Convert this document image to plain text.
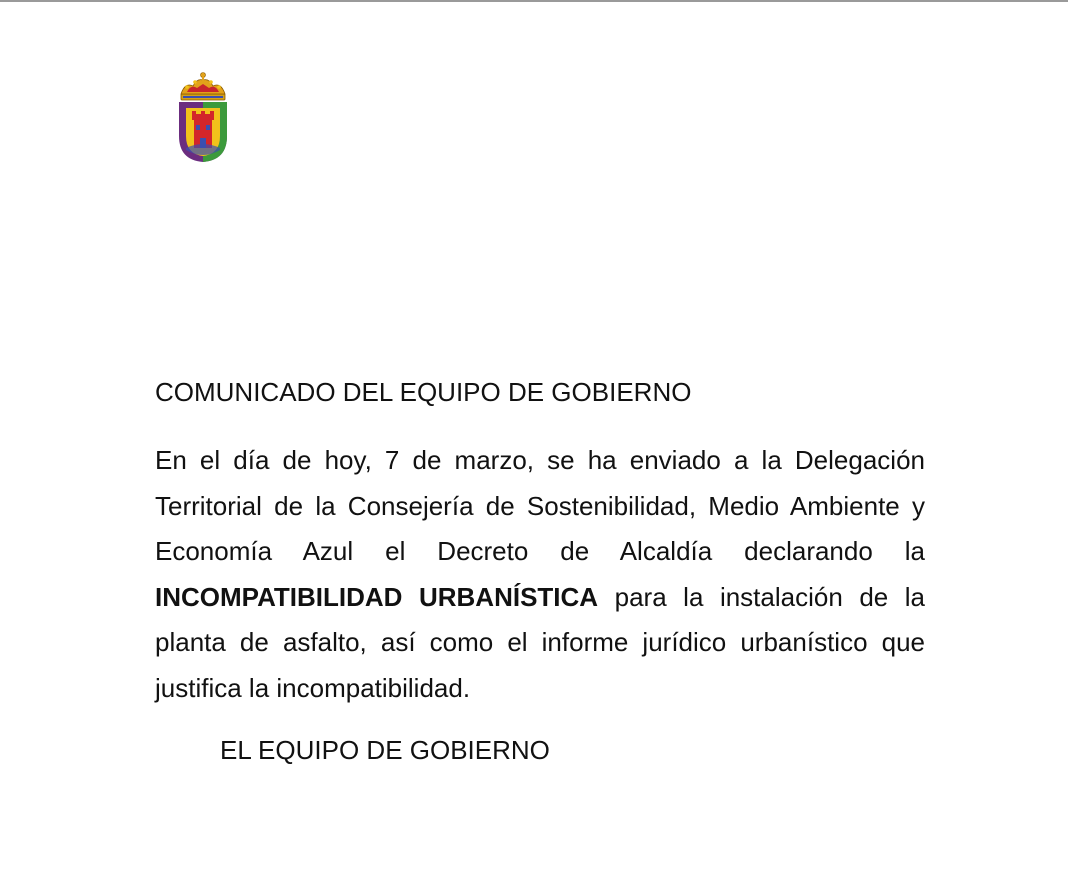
COMUNICADO DEL EQUIPO DE GOBIERNO
En el día de hoy, 7 de marzo, se ha enviado a la Delegación Territorial de la Consejería de Sostenibilidad, Medio Ambiente y Economía Azul el Decreto de Alcaldía declarando la INCOMPATIBILIDAD URBANÍSTICA para la instalación de la planta de asfalto, así como el informe jurídico urbanístico que justifica la incompatibilidad.
EL EQUIPO DE GOBIERNO
